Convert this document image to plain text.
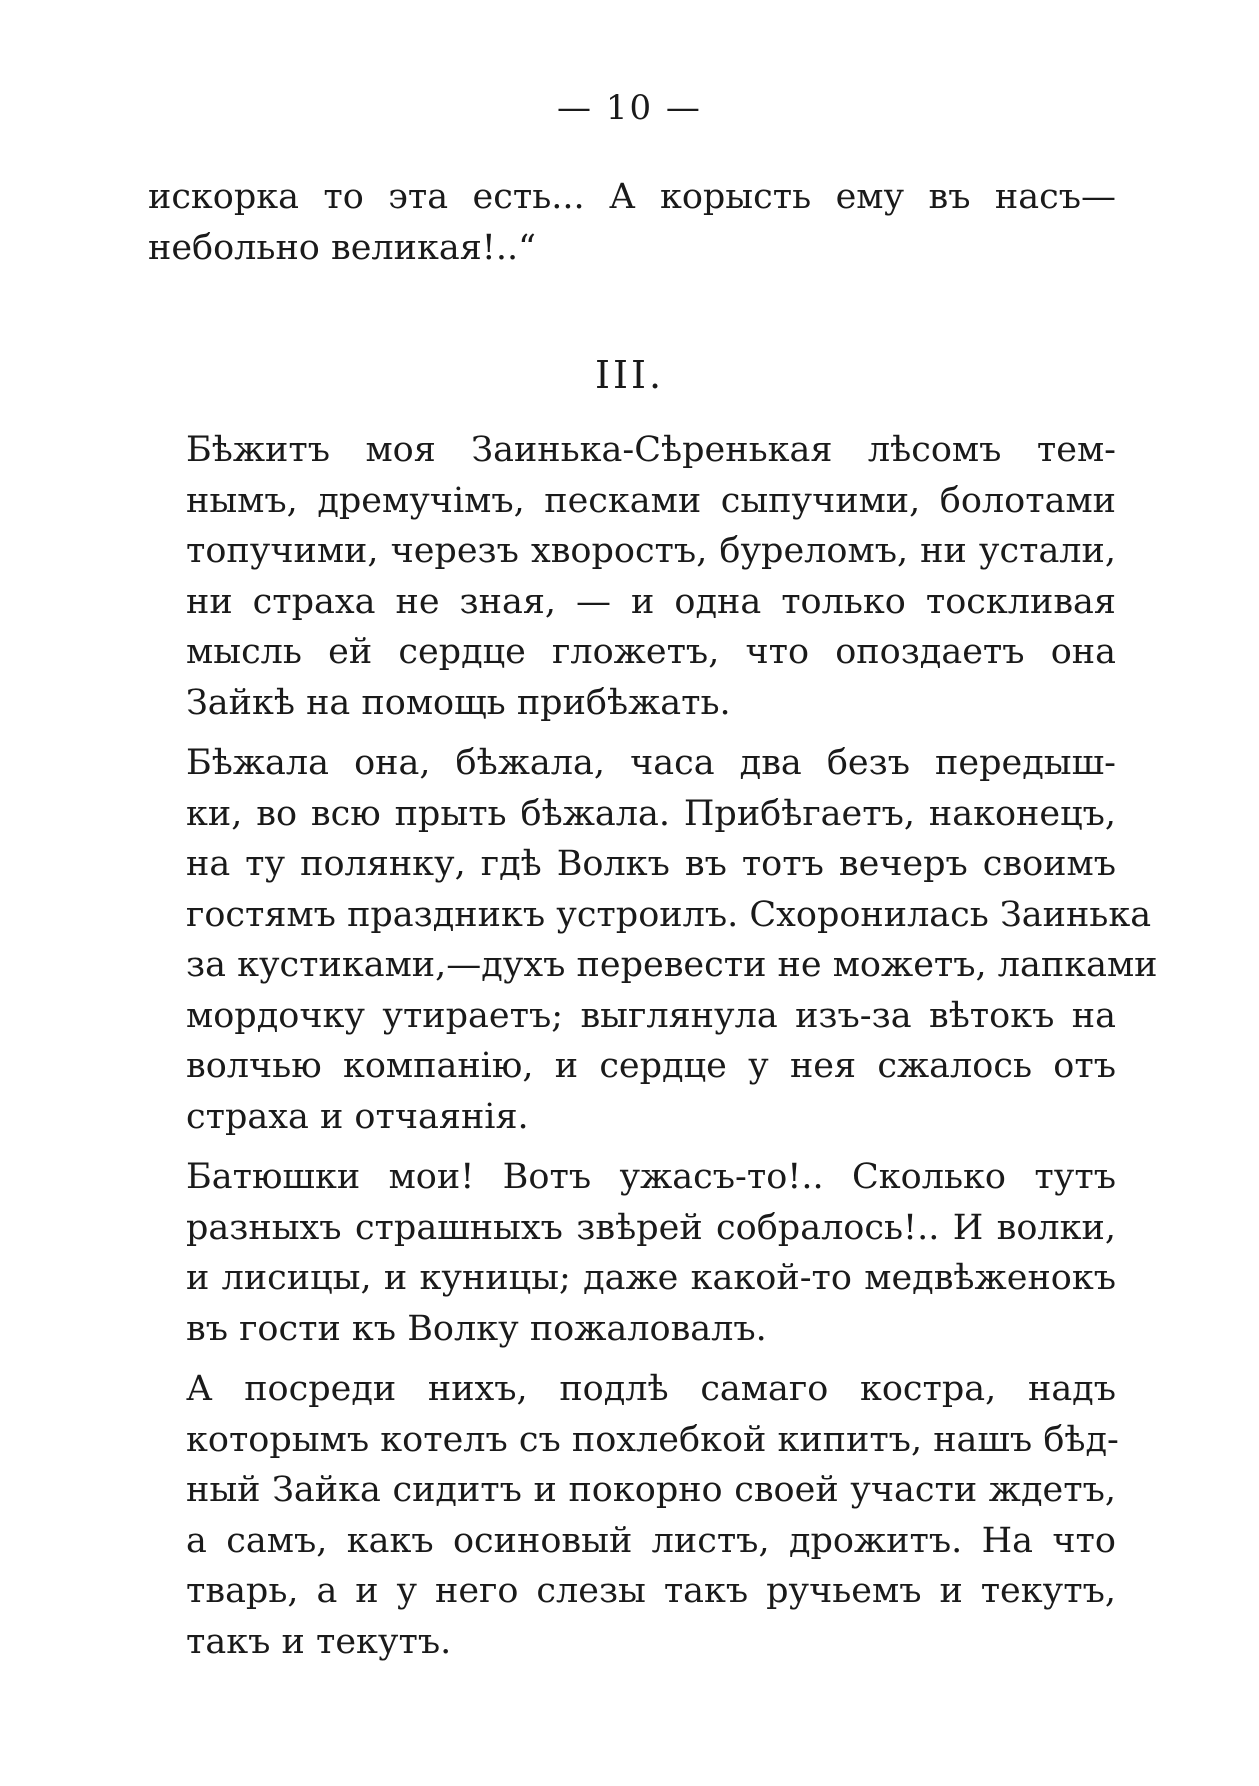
— 10 —

искорка то эта есть... А корысть ему въ насъ—
небольно великая!..“

III.

Бѣжитъ моя Заинька-Сѣренькая лѣсомъ тем-
нымъ, дремучімъ, песками сыпучими, болотами
топучими, черезъ хворостъ, буреломъ, ни устали,
ни страха не зная, — и одна только тоскливая
мысль ей сердце гложетъ, что опоздаетъ она
Зайкѣ на помощь прибѣжать.

Бѣжала она, бѣжала, часа два безъ передыш-
ки, во всю прыть бѣжала. Прибѣгаетъ, наконецъ,
на ту полянку, гдѣ Волкъ въ тотъ вечеръ своимъ
гостямъ праздникъ устроилъ. Схоронилась Заинька
за кустиками,—духъ перевести не можетъ, лапками
мордочку утираетъ; выглянула изъ-за вѣтокъ на
волчью компанію, и сердце у нея сжалось отъ
страха и отчаянія.

Батюшки мои! Вотъ ужасъ-то!.. Сколько тутъ
разныхъ страшныхъ звѣрей собралось!.. И волки,
и лисицы, и куницы; даже какой-то медвѣженокъ
въ гости къ Волку пожаловалъ.

А посреди нихъ, подлѣ самаго костра, надъ
которымъ котелъ съ похлебкой кипитъ, нашъ бѣд-
ный Зайка сидитъ и покорно своей участи ждетъ,
а самъ, какъ осиновый листъ, дрожитъ. На что
тварь, а и у него слезы такъ ручьемъ и текутъ,
такъ и текутъ.
